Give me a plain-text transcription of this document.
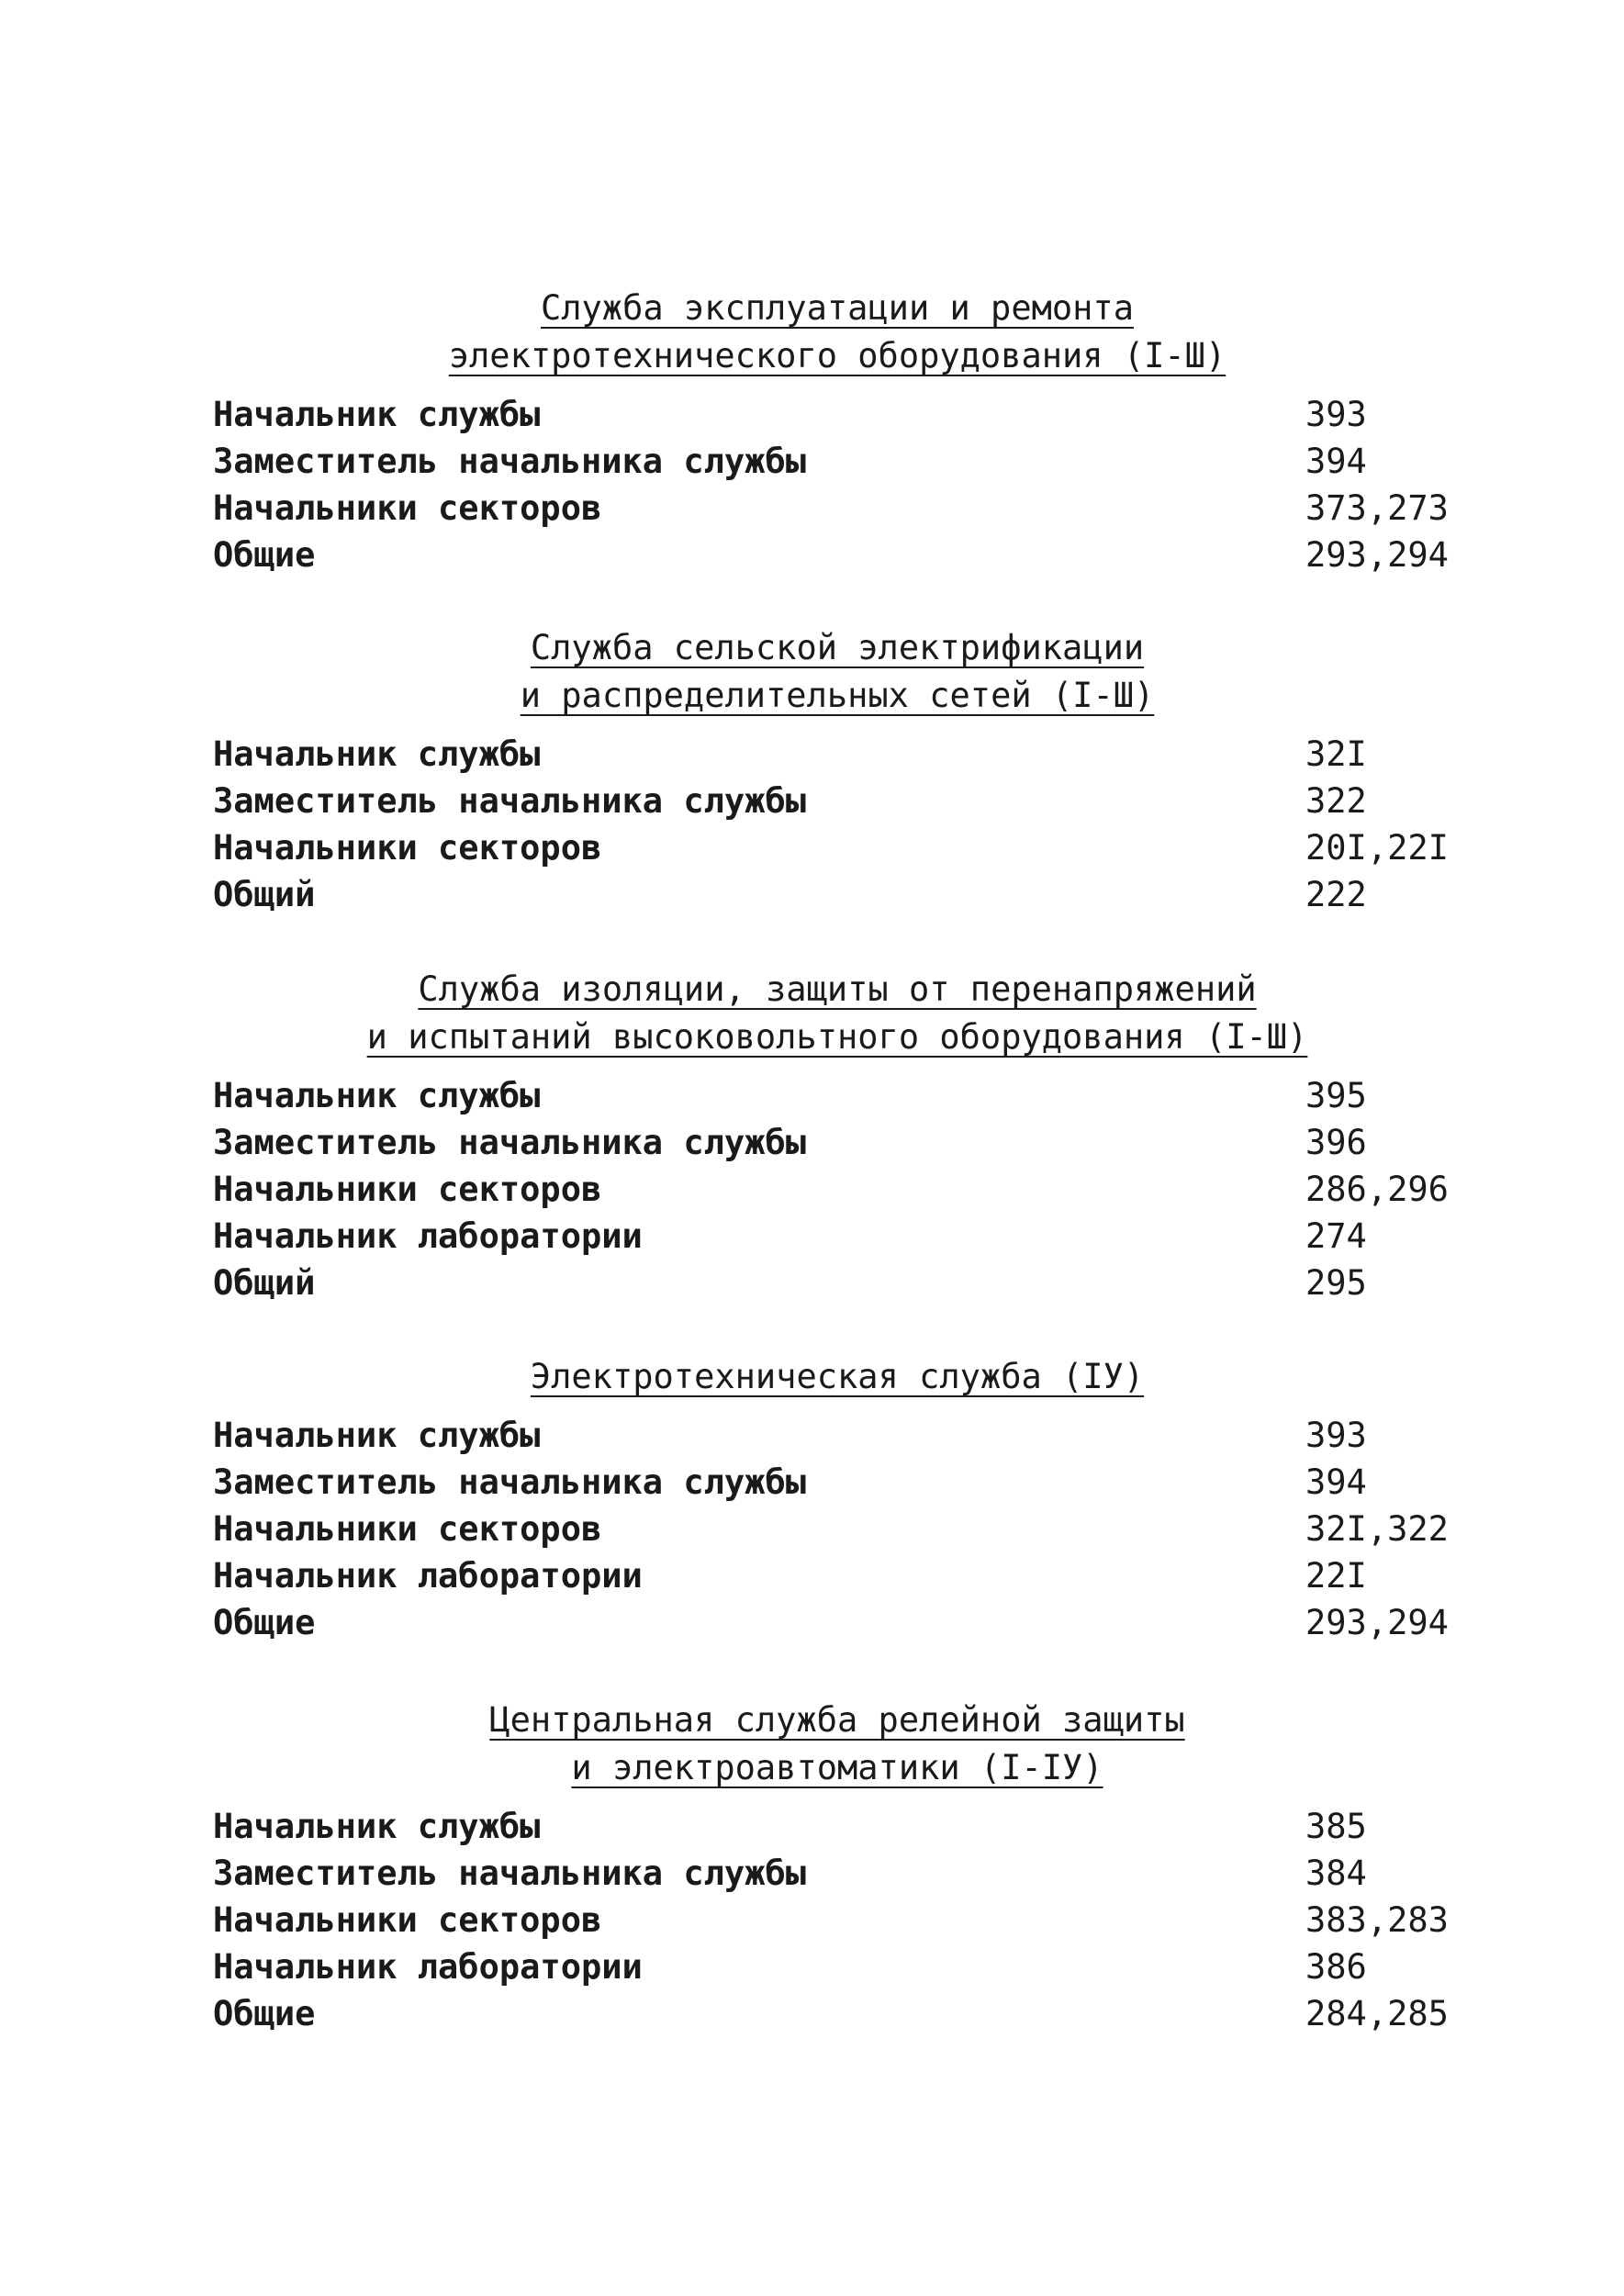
Служба эксплуатации и ремонта
электротехнического оборудования (I-Ш)
Начальник службы	393
Заместитель начальника службы	394
Начальники секторов	373,273
Общие	293,294
Служба сельской электрификации
и распределительных сетей (I-Ш)
Начальник службы	32I
Заместитель начальника службы	322
Начальники секторов	20I,22I
Общий	222
Служба изоляции, защиты от перенапряжений
и испытаний высоковольтного оборудования (I-Ш)
Начальник службы	395
Заместитель начальника службы	396
Начальники секторов	286,296
Начальник лаборатории	274
Общий	295
Электротехническая служба (IУ)
Начальник службы	393
Заместитель начальника службы	394
Начальники секторов	32I,322
Начальник лаборатории	22I
Общие	293,294
Центральная служба релейной защиты
и электроавтоматики (I-IУ)
Начальник службы	385
Заместитель начальника службы	384
Начальники секторов	383,283
Начальник лаборатории	386
Общие	284,285
